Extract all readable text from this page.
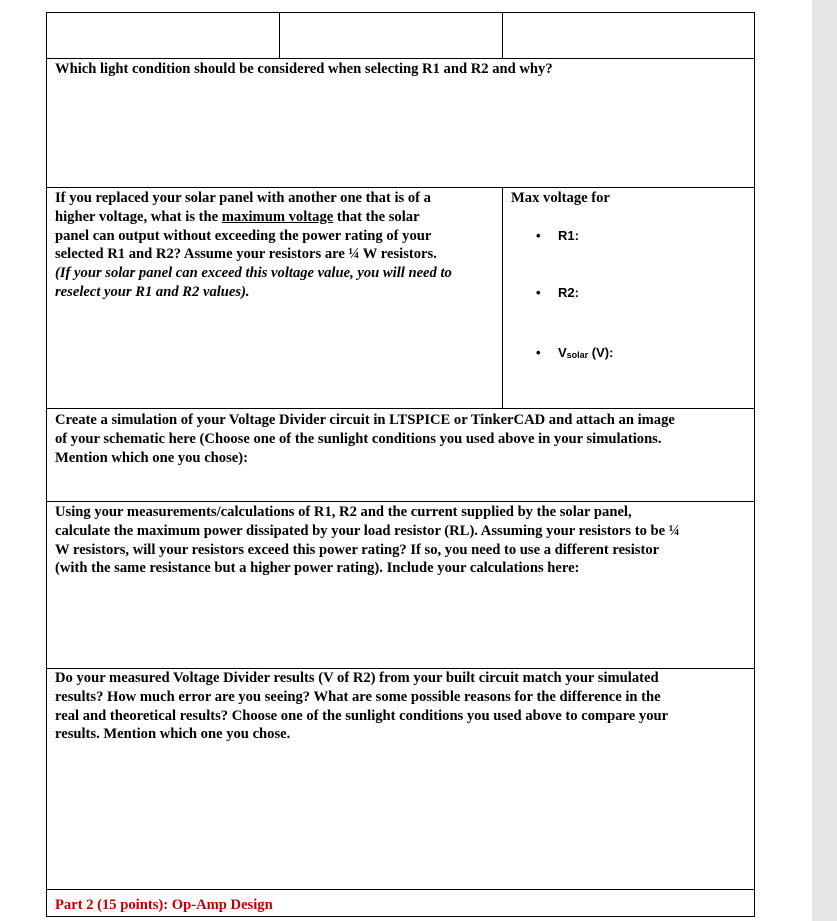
Which light condition should be considered when selecting R1 and R2 and why?

If you replaced your solar panel with another one that is of a

higher voltage, what is the maximum voltage that the solar

panel can output without exceeding the power rating of your

selected R1 and R2? Assume your resistors are ¼ W resistors.

(If your solar panel can exceed this voltage value, you will need to

reselect your R1 and R2 values).

Max voltage for

• R1:
• R2:
• Vsolar (V):

Create a simulation of your Voltage Divider circuit in LTSPICE or TinkerCAD and attach an image

of your schematic here (Choose one of the sunlight conditions you used above in your simulations.

Mention which one you chose):

Using your measurements/calculations of R1, R2 and the current supplied by the solar panel,

calculate the maximum power dissipated by your load resistor (RL). Assuming your resistors to be ¼

W resistors, will your resistors exceed this power rating? If so, you need to use a different resistor

(with the same resistance but a higher power rating). Include your calculations here:

Do your measured Voltage Divider results (V of R2) from your built circuit match your simulated

results? How much error are you seeing? What are some possible reasons for the difference in the

real and theoretical results? Choose one of the sunlight conditions you used above to compare your

results. Mention which one you chose.

Part 2 (15 points): Op-Amp Design
